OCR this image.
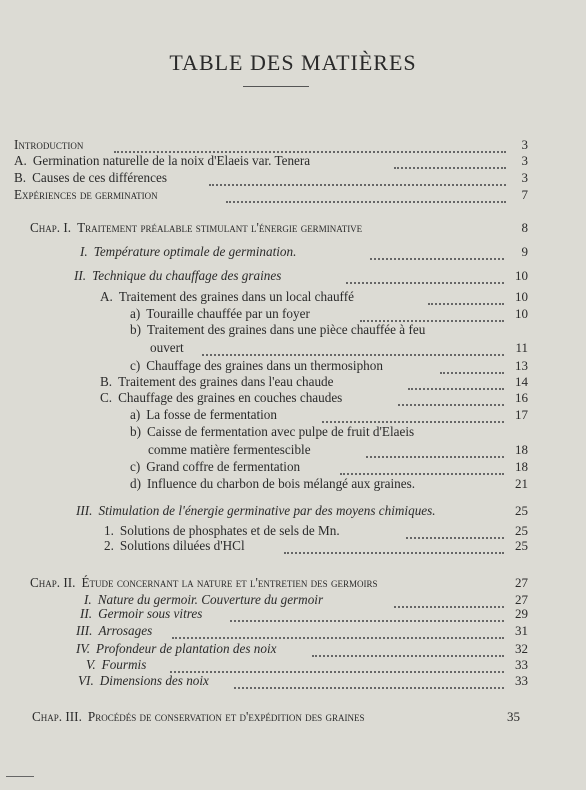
TABLE DES MATIÈRES
Introduction	3
A. Germination naturelle de la noix d'Elaeis var. Tenera	3
B. Causes de ces différences	3
Expériences de germination	7
Chap. I. Traitement préalable stimulant l'énergie germinative	8
I. Température optimale de germination.	9
II. Technique du chauffage des graines	10
A. Traitement des graines dans un local chauffé	10
a) Touraille chauffée par un foyer	10
b) Traitement des graines dans une pièce chauffée à feu
ouvert	11
c) Chauffage des graines dans un thermosiphon	13
B. Traitement des graines dans l'eau chaude	14
C. Chauffage des graines en couches chaudes	16
a) La fosse de fermentation	17
b) Caisse de fermentation avec pulpe de fruit d'Elaeis
comme matière fermentescible	18
c) Grand coffre de fermentation	18
d) Influence du charbon de bois mélangé aux graines.	21
III. Stimulation de l'énergie germinative par des moyens chimiques.	25
1. Solutions de phosphates et de sels de Mn.	25
2. Solutions diluées d'HCl	25
Chap. II. Étude concernant la nature et l'entretien des germoirs	27
I. Nature du germoir. Couverture du germoir	27
II. Germoir sous vitres	29
III. Arrosages	31
IV. Profondeur de plantation des noix	32
V. Fourmis	33
VI. Dimensions des noix	33
Chap. III. Procédés de conservation et d'expédition des graines	35
